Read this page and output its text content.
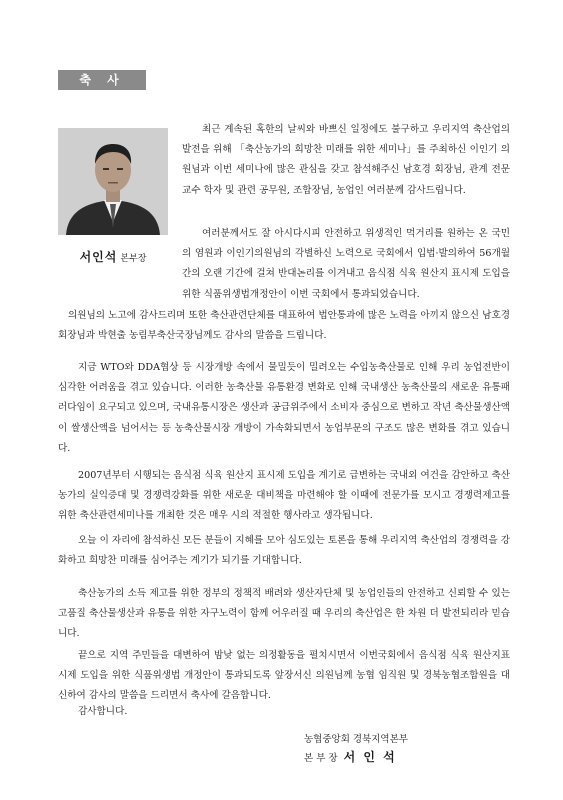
축 사
서인석 본부장

최근 계속된 혹한의 날씨와 바쁘신 일정에도 불구하고 우리지역 축산업의 발전을 위해 「축산농가의 희망찬 미래를 위한 세미나」를 주최하신 이인기 의원님과 이번 세미나에 많은 관심을 갖고 참석해주신 남호경 회장님, 관계 전문교수 학자 및 관련 공무원, 조합장님, 농업인 여러분께 감사드립니다.

여러분께서도 잘 아시다시피 안전하고 위생적인 먹거리를 원하는 온 국민의 염원과 이인기의원님의 각별하신 노력으로 국회에서 입법·발의하여 56개월간의 오랜 기간에 걸쳐 반대논리를 이겨내고 음식점 식육 원산지 표시제 도입을 위한 식품위생법개정안이 이번 국회에서 통과되었습니다.

의원님의 노고에 감사드리며 또한 축산관련단체를 대표하여 법안통과에 많은 노력을 아끼지 않으신 남호경 회장님과 박현출 농림부축산국장님께도 감사의 말씀을 드립니다.

지금 WTO와 DDA협상 등 시장개방 속에서 물밀듯이 밀려오는 수입농축산물로 인해 우리 농업전반이 심각한 어려움을 겪고 있습니다. 이러한 농축산물 유통환경 변화로 인해 국내생산 농축산물의 새로운 유통패러다임이 요구되고 있으며, 국내유통시장은 생산과 공급위주에서 소비자 중심으로 변하고 작년 축산물생산액이 쌀생산액을 넘어서는 등 농축산물시장 개방이 가속화되면서 농업부문의 구조도 많은 변화를 겪고 있습니다.

2007년부터 시행되는 음식점 식육 원산지 표시제 도입을 계기로 급변하는 국내외 여건을 감안하고 축산농가의 실익증대 및 경쟁력강화를 위한 새로운 대비책을 마련해야 할 이때에 전문가를 모시고 경쟁력제고를 위한 축산관련세미나를 개최한 것은 매우 시의 적절한 행사라고 생각됩니다.

오늘 이 자리에 참석하신 모든 분들이 지혜를 모아 심도있는 토론을 통해 우리지역 축산업의 경쟁력을 강화하고 희망찬 미래를 심어주는 계기가 되기를 기대합니다.

축산농가의 소득 제고를 위한 정부의 정책적 배려와 생산자단체 및 농업인들의 안전하고 신뢰할 수 있는 고품질 축산물생산과 유통을 위한 자구노력이 함께 어우러질 때 우리의 축산업은 한 차원 더 발전되리라 믿습니다.

끝으로 지역 주민들을 대변하여 밤낮 없는 의정활동을 펼치시면서 이번국회에서 음식점 식육 원산지표시제 도입을 위한 식품위생법 개정안이 통과되도록 앞장서신 의원님께 농협 임직원 및 경북농협조합원을 대신하여 감사의 말씀을 드리면서 축사에 갈음합니다.

감사합니다.

농협중앙회 경북지역본부
본 부 장 서 인 석
